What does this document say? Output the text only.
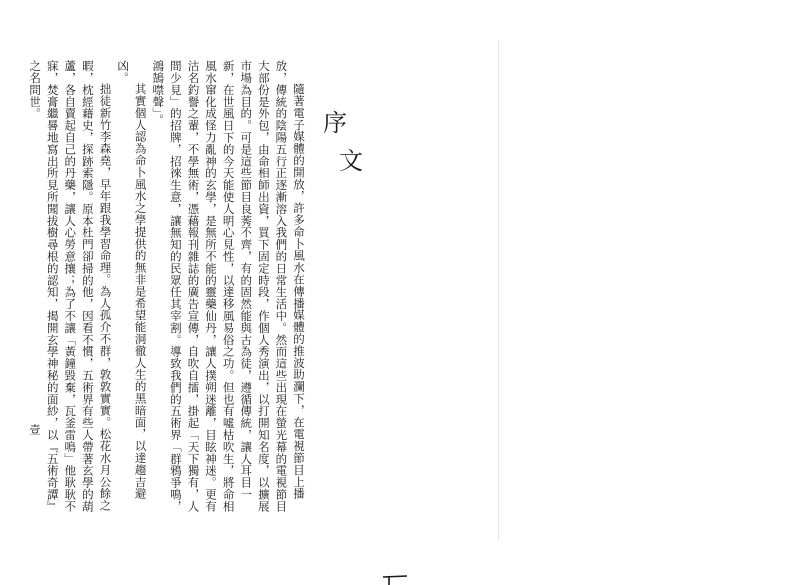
序
文

隨著電子媒體的開放，許多命卜風水在傳播媒體的推波助瀾下，在電視節目上播放，傳統的陰陽五行正逐漸溶入我們的日常生活中。然而這些出現在螢光幕的電視節目大部份是外包，由命相師出資，買下固定時段，作個人秀演出，以打開知名度，以擴展市場為目的。可是這些節目良莠不齊，有的固然能與古為徒，遵循傳統，讓人耳目一新，在世風日下的今天能使人明心見性，以達移風易俗之功。但也有噓枯吹生，將命相風水窜化成怪力亂神的玄學，是無所不能的靈藥仙丹，讓人撲朔迷離，目眩神迷。更有沽名釣譽之輩，不學無術，憑藉報刊雜誌的廣告宣傳，自吹自擂，掛起「天下獨有，人間少見」的招牌，招徠生意，讓無知的民眾任其宰割。導致我們的五術界「群鴉爭鳴，鴻鵠噤聲」。

其實個人認為命卜風水之學提供的無非是希望能洞徹人生的黑暗面，以達趨吉避凶。

拙徒新竹李森堯，早年跟我學習命理。為人孤介不群，敦敦實實。松花水月公餘之暇，枕經藉史，探跡索隱。原本杜門卻掃的他，因看不慣，五術界有些人帶著玄學的葫蘆，各自賣起自己的丹藥，讓人心勞意攘；為了不讓「黃鐘毀棄，瓦釜雷鳴」他耿耿不寐，焚膏繼晷地寫出所見所聞拔樹尋根的認知，揭開玄學神秘的面紗，以『五術奇譚』之名問世。

壹
